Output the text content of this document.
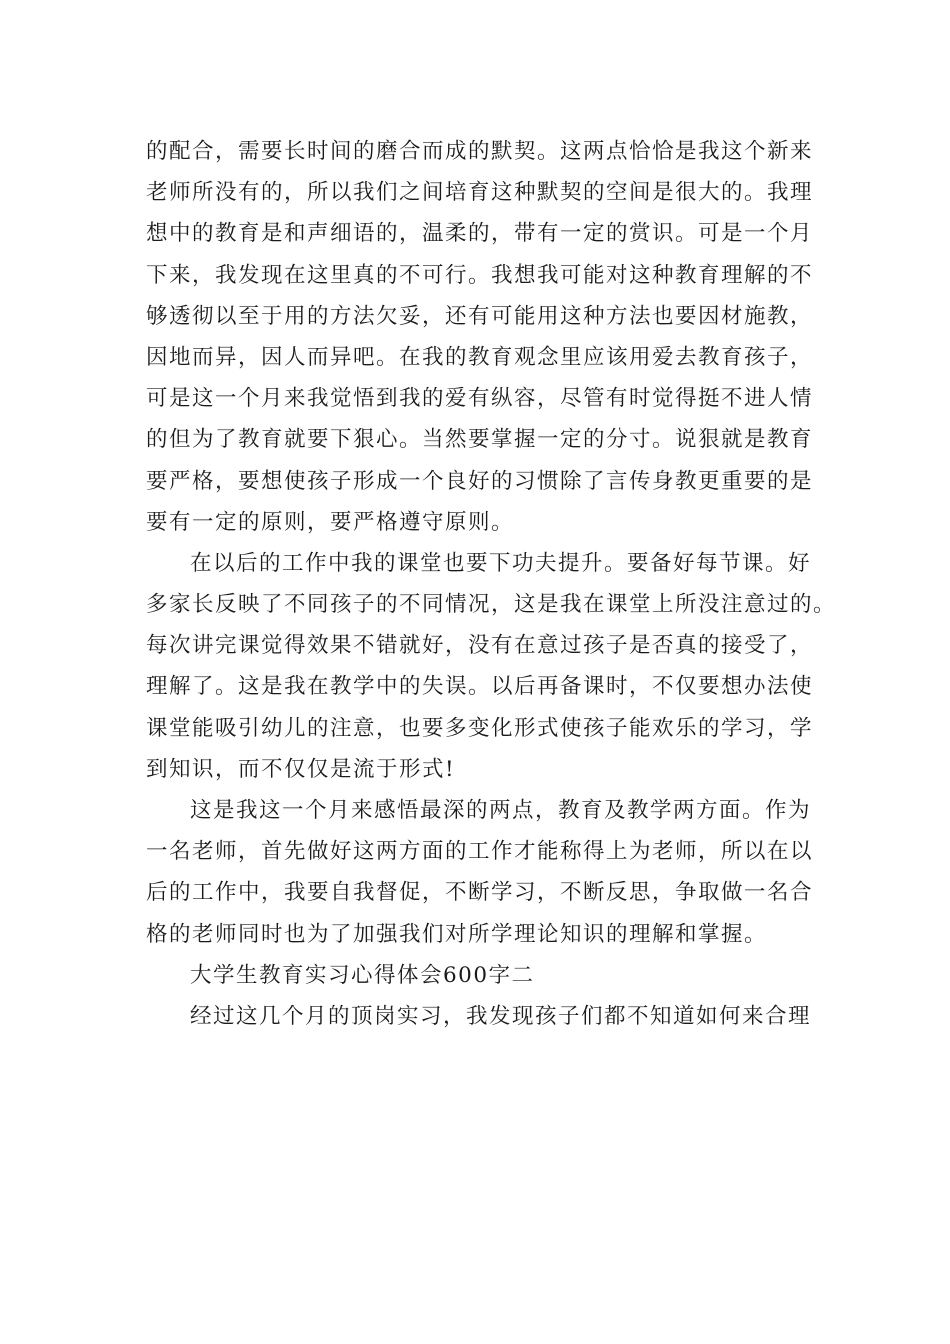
的配合，需要长时间的磨合而成的默契。这两点恰恰是我这个新来
老师所没有的，所以我们之间培育这种默契的空间是很大的。我理
想中的教育是和声细语的，温柔的，带有一定的赏识。可是一个月
下来，我发现在这里真的不可行。我想我可能对这种教育理解的不
够透彻以至于用的方法欠妥，还有可能用这种方法也要因材施教，
因地而异，因人而异吧。在我的教育观念里应该用爱去教育孩子，
可是这一个月来我觉悟到我的爱有纵容，尽管有时觉得挺不进人情
的但为了教育就要下狠心。当然要掌握一定的分寸。说狠就是教育
要严格，要想使孩子形成一个良好的习惯除了言传身教更重要的是
要有一定的原则，要严格遵守原则。
在以后的工作中我的课堂也要下功夫提升。要备好每节课。好
多家长反映了不同孩子的不同情况，这是我在课堂上所没注意过的。
每次讲完课觉得效果不错就好，没有在意过孩子是否真的接受了，
理解了。这是我在教学中的失误。以后再备课时，不仅要想办法使
课堂能吸引幼儿的注意，也要多变化形式使孩子能欢乐的学习，学
到知识，而不仅仅是流于形式!
这是我这一个月来感悟最深的两点，教育及教学两方面。作为
一名老师，首先做好这两方面的工作才能称得上为老师，所以在以
后的工作中，我要自我督促，不断学习，不断反思，争取做一名合
格的老师同时也为了加强我们对所学理论知识的理解和掌握。
大学生教育实习心得体会600字二
经过这几个月的顶岗实习，我发现孩子们都不知道如何来合理
